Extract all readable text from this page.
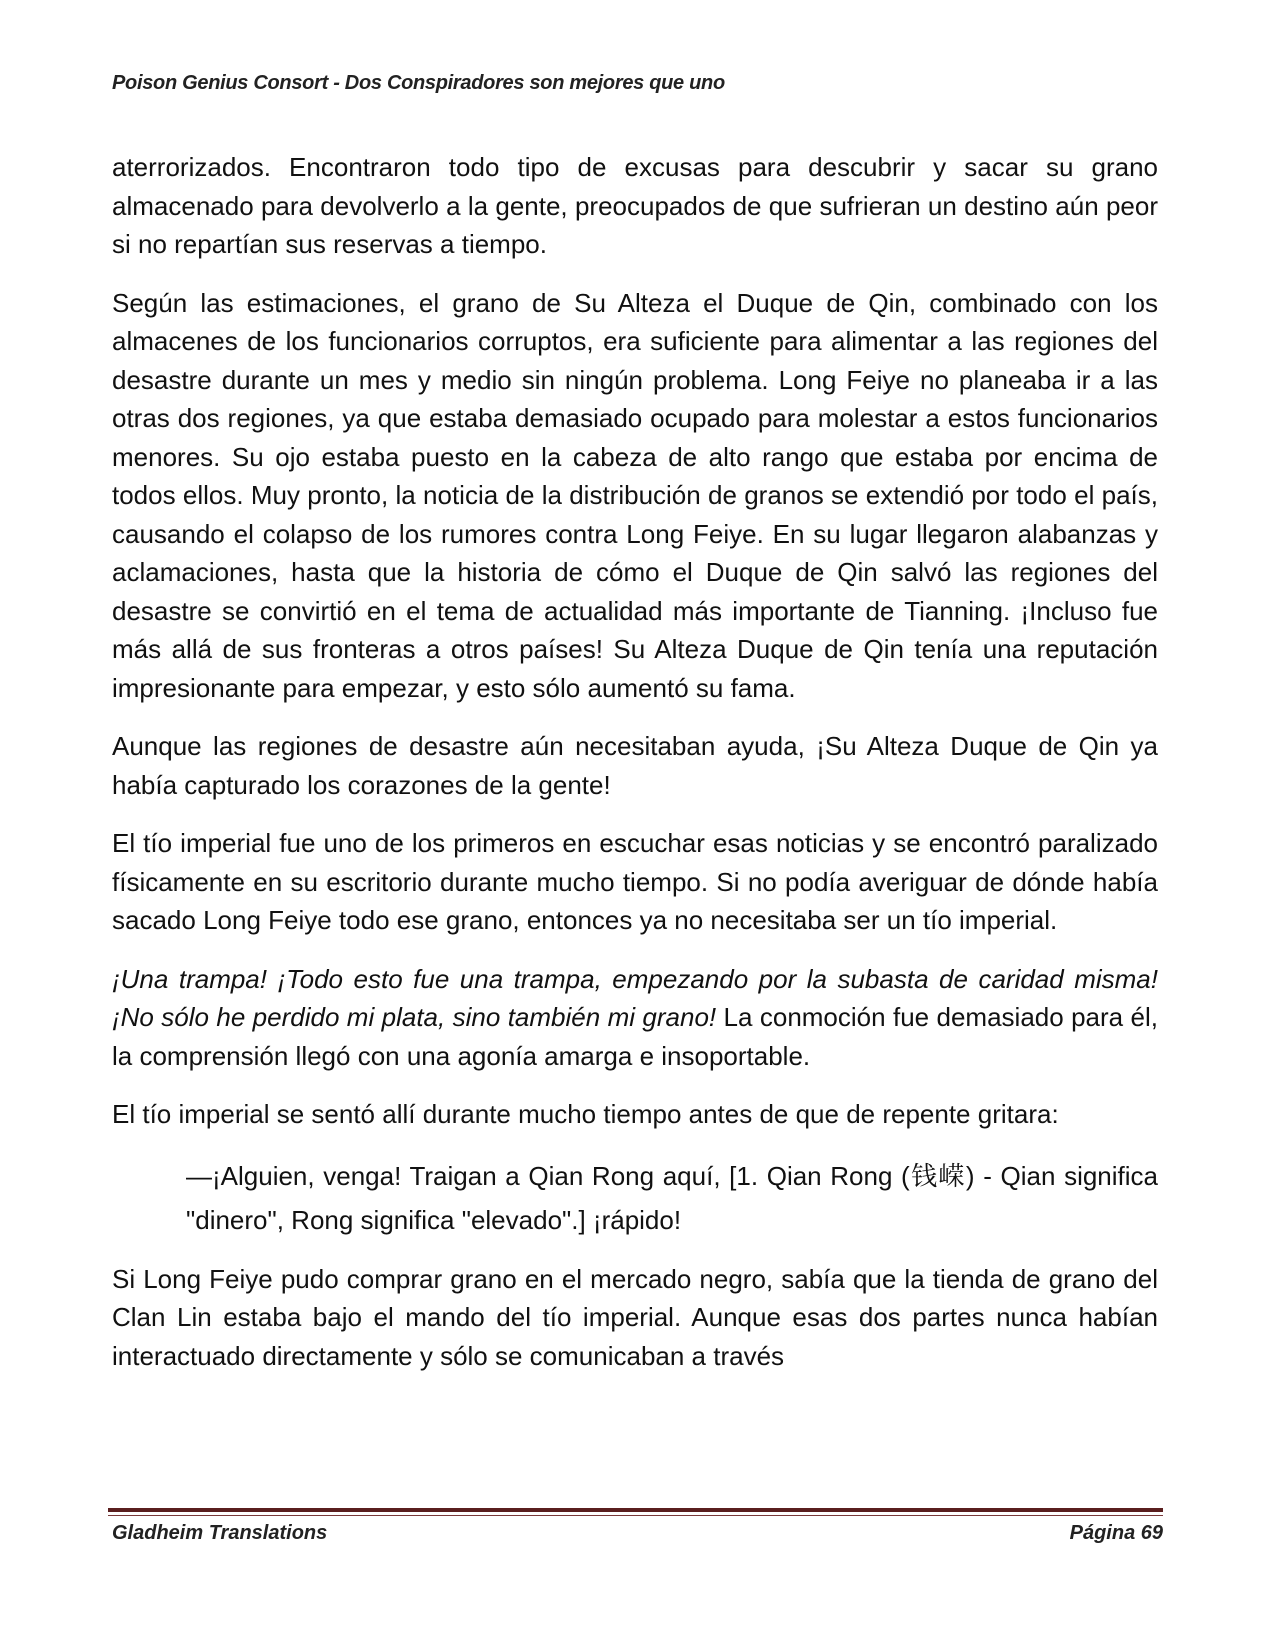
Poison Genius Consort - Dos Conspiradores son mejores que uno

aterrorizados. Encontraron todo tipo de excusas para descubrir y sacar su grano almacenado para devolverlo a la gente, preocupados de que sufrieran un destino aún peor si no repartían sus reservas a tiempo.

Según las estimaciones, el grano de Su Alteza el Duque de Qin, combinado con los almacenes de los funcionarios corruptos, era suficiente para alimentar a las regiones del desastre durante un mes y medio sin ningún problema. Long Feiye no planeaba ir a las otras dos regiones, ya que estaba demasiado ocupado para molestar a estos funcionarios menores. Su ojo estaba puesto en la cabeza de alto rango que estaba por encima de todos ellos. Muy pronto, la noticia de la distribución de granos se extendió por todo el país, causando el colapso de los rumores contra Long Feiye. En su lugar llegaron alabanzas y aclamaciones, hasta que la historia de cómo el Duque de Qin salvó las regiones del desastre se convirtió en el tema de actualidad más importante de Tianning. ¡Incluso fue más allá de sus fronteras a otros países! Su Alteza Duque de Qin tenía una reputación impresionante para empezar, y esto sólo aumentó su fama.

Aunque las regiones de desastre aún necesitaban ayuda, ¡Su Alteza Duque de Qin ya había capturado los corazones de la gente!

El tío imperial fue uno de los primeros en escuchar esas noticias y se encontró paralizado físicamente en su escritorio durante mucho tiempo. Si no podía averiguar de dónde había sacado Long Feiye todo ese grano, entonces ya no necesitaba ser un tío imperial.

¡Una trampa! ¡Todo esto fue una trampa, empezando por la subasta de caridad misma! ¡No sólo he perdido mi plata, sino también mi grano! La conmoción fue demasiado para él, la comprensión llegó con una agonía amarga e insoportable.

El tío imperial se sentó allí durante mucho tiempo antes de que de repente gritara:

—¡Alguien, venga! Traigan a Qian Rong aquí, [1. Qian Rong (钱嵘) - Qian significa "dinero", Rong significa "elevado".] ¡rápido!

Si Long Feiye pudo comprar grano en el mercado negro, sabía que la tienda de grano del Clan Lin estaba bajo el mando del tío imperial. Aunque esas dos partes nunca habían interactuado directamente y sólo se comunicaban a través

Gladheim Translations	Página 69
